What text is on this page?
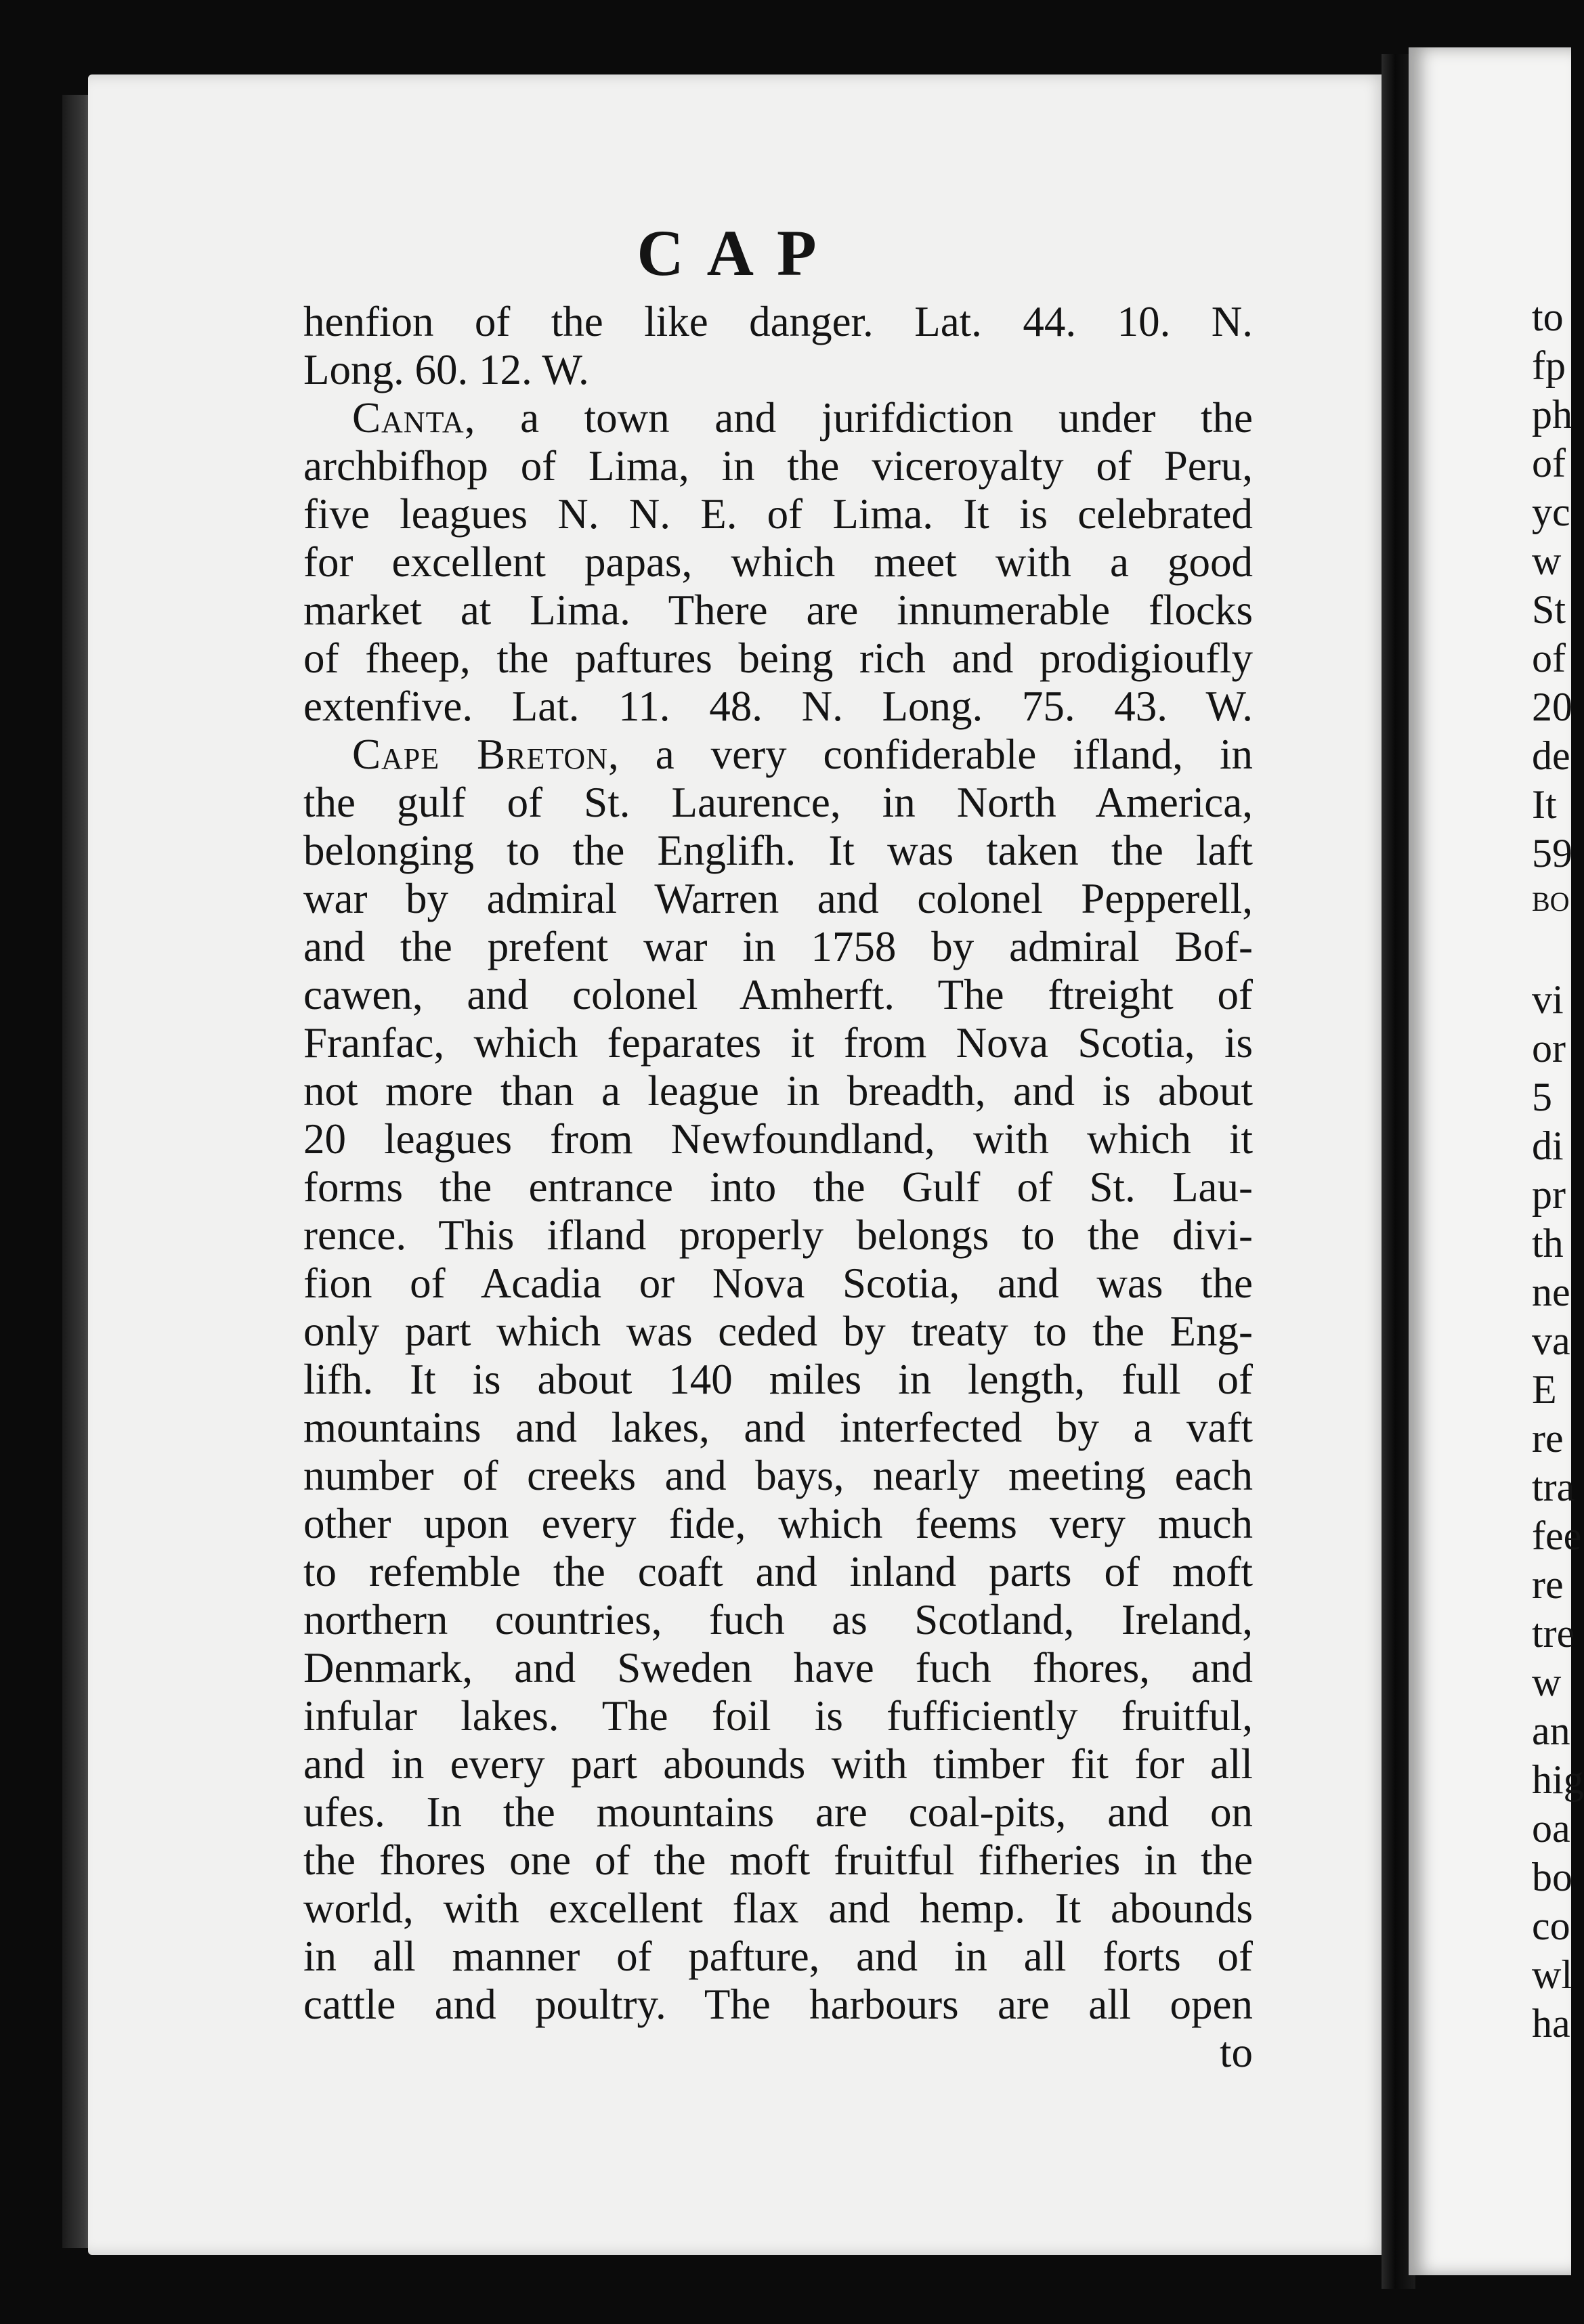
CAP
henfion of the like danger. Lat. 44. 10. N.
Long. 60. 12. W.
Canta, a town and jurifdiction under the
archbifhop of Lima, in the viceroyalty of Peru,
five leagues N. N. E. of Lima. It is celebrated
for excellent papas, which meet with a good
market at Lima. There are innumerable flocks
of fheep, the paftures being rich and prodigioufly
extenfive. Lat. 11. 48. N. Long. 75. 43. W.
Cape Breton, a very confiderable ifland, in
the gulf of St. Laurence, in North America,
belonging to the Englifh. It was taken the laft
war by admiral Warren and colonel Pepperell,
and the prefent war in 1758 by admiral Bof-
cawen, and colonel Amherft. The ftreight of
Franfac, which feparates it from Nova Scotia, is
not more than a league in breadth, and is about
20 leagues from Newfoundland, with which it
forms the entrance into the Gulf of St. Lau-
rence. This ifland properly belongs to the divi-
fion of Acadia or Nova Scotia, and was the
only part which was ceded by treaty to the Eng-
lifh. It is about 140 miles in length, full of
mountains and lakes, and interfected by a vaft
number of creeks and bays, nearly meeting each
other upon every fide, which feems very much
to refemble the coaft and inland parts of moft
northern countries, fuch as Scotland, Ireland,
Denmark, and Sweden have fuch fhores, and
infular lakes. The foil is fufficiently fruitful,
and in every part abounds with timber fit for all
ufes. In the mountains are coal-pits, and on
the fhores one of the moft fruitful fifheries in the
world, with excellent flax and hemp. It abounds
in all manner of pafture, and in all forts of
cattle and poultry. The harbours are all open
to
to
fp
ph
of
yc
w
St
of
20
de
It
59
BO
vi
or
5
di
pr
th
ne
va
E
re
tra
fee
re
tre
w
an
hig
oa
bo
co
wl
ha
